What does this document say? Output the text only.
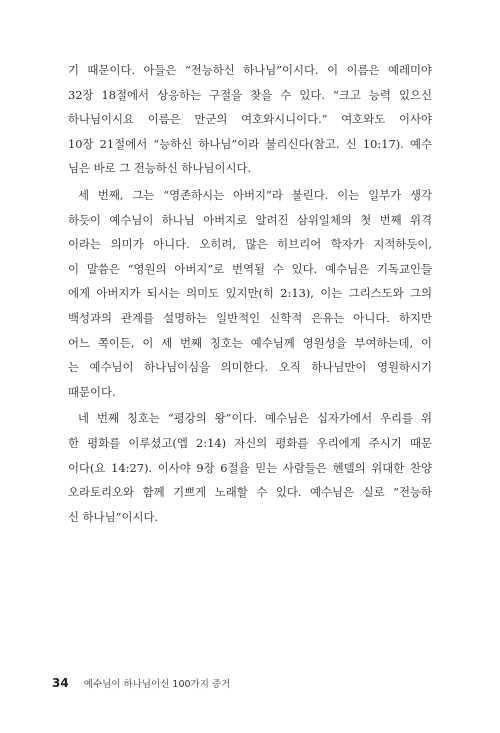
기 때문이다. 아들은 “전능하신 하나님”이시다. 이 이름은 예레미야
32장 18절에서 상응하는 구절을 찾을 수 있다. “크고 능력 있으신
하나님이시요 이름은 만군의 여호와시니이다.” 여호와도 이사야
10장 21절에서 “능하신 하나님”이라 불리신다(참고. 신 10:17). 예수
님은 바로 그 전능하신 하나님이시다.
세 번째, 그는 “영존하시는 아버지”라 불린다. 이는 일부가 생각
하듯이 예수님이 하나님 아버지로 알려진 삼위일체의 첫 번째 위격
이라는 의미가 아니다. 오히려, 많은 히브리어 학자가 지적하듯이,
이 말씀은 “영원의 아버지”로 번역될 수 있다. 예수님은 기독교인들
에게 아버지가 되시는 의미도 있지만(히 2:13), 이는 그리스도와 그의
백성과의 관계를 설명하는 일반적인 신학적 은유는 아니다. 하지만
어느 쪽이든, 이 세 번째 칭호는 예수님께 영원성을 부여하는데, 이
는 예수님이 하나님이심을 의미한다. 오직 하나님만이 영원하시기
때문이다.
네 번째 칭호는 “평강의 왕”이다. 예수님은 십자가에서 우리를 위
한 평화를 이루셨고(엡 2:14) 자신의 평화를 우리에게 주시기 때문
이다(요 14:27). 이사야 9장 6절을 믿는 사람들은 헨델의 위대한 찬양
오라토리오와 함께 기쁘게 노래할 수 있다. 예수님은 실로 “전능하
신 하나님”이시다.
34 예수님이 하나님이신 100가지 증거
